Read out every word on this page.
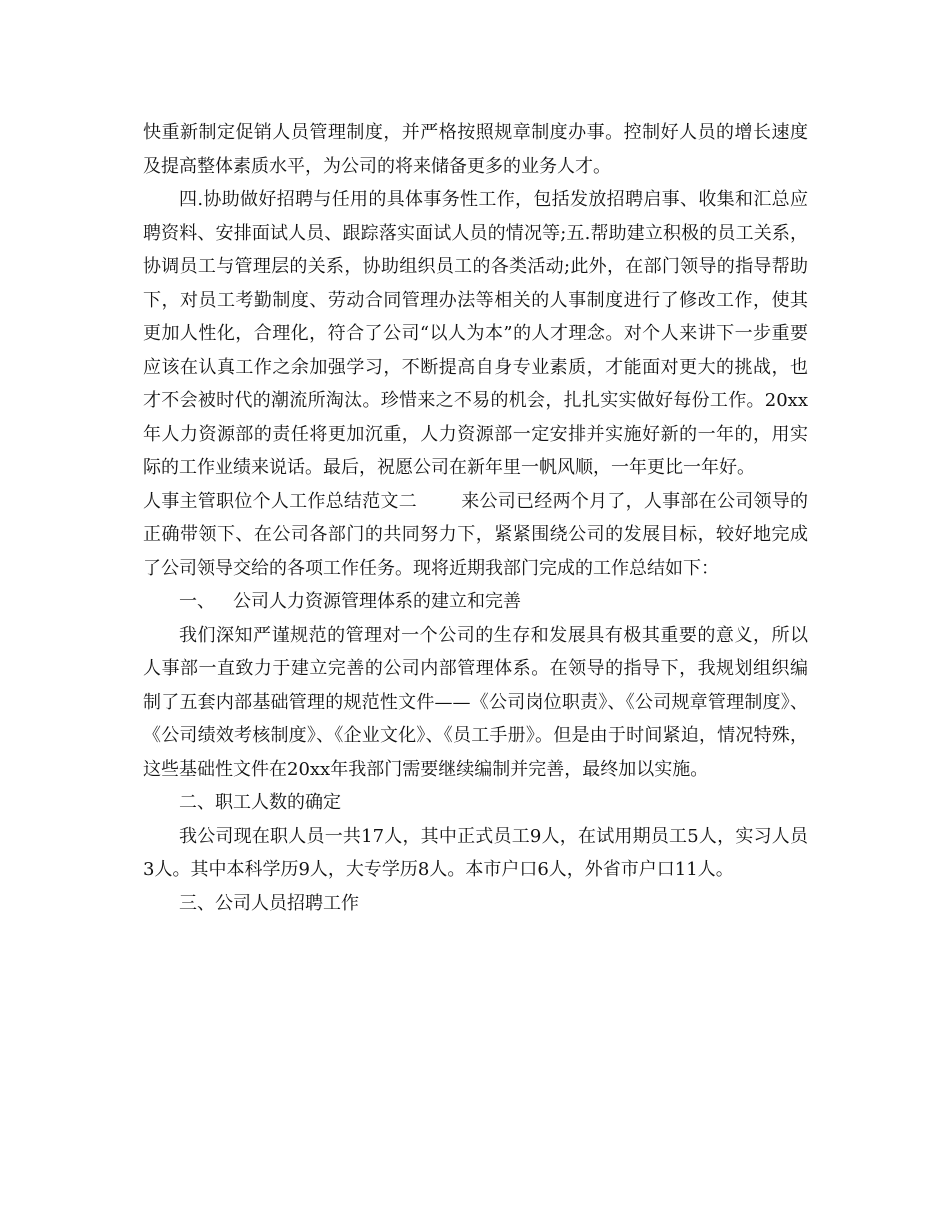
快重新制定促销人员管理制度，并严格按照规章制度办事。控制好人员的增长速度及提高整体素质水平，为公司的将来储备更多的业务人才。

四.协助做好招聘与任用的具体事务性工作，包括发放招聘启事、收集和汇总应聘资料、安排面试人员、跟踪落实面试人员的情况等;五.帮助建立积极的员工关系，协调员工与管理层的关系，协助组织员工的各类活动;此外，在部门领导的指导帮助下，对员工考勤制度、劳动合同管理办法等相关的人事制度进行了修改工作，使其更加人性化，合理化，符合了公司“以人为本”的人才理念。对个人来讲下一步重要应该在认真工作之余加强学习，不断提高自身专业素质，才能面对更大的挑战，也才不会被时代的潮流所淘汰。珍惜来之不易的机会，扎扎实实做好每份工作。20xx年人力资源部的责任将更加沉重，人力资源部一定安排并实施好新的一年的，用实际的工作业绩来说话。最后，祝愿公司在新年里一帆风顺，一年更比一年好。

人事主管职位个人工作总结范文二 来公司已经两个月了，人事部在公司领导的正确带领下、在公司各部门的共同努力下，紧紧围绕公司的发展目标，较好地完成了公司领导交给的各项工作任务。现将近期我部门完成的工作总结如下：

一、 公司人力资源管理体系的建立和完善

我们深知严谨规范的管理对一个公司的生存和发展具有极其重要的意义，所以人事部一直致力于建立完善的公司内部管理体系。在领导的指导下，我规划组织编制了五套内部基础管理的规范性文件——《公司岗位职责》、《公司规章管理制度》、《公司绩效考核制度》、《企业文化》、《员工手册》。但是由于时间紧迫，情况特殊，这些基础性文件在20xx年我部门需要继续编制并完善，最终加以实施。

二、职工人数的确定

我公司现在职人员一共17人，其中正式员工9人，在试用期员工5人，实习人员3人。其中本科学历9人，大专学历8人。本市户口6人，外省市户口11人。

三、公司人员招聘工作
